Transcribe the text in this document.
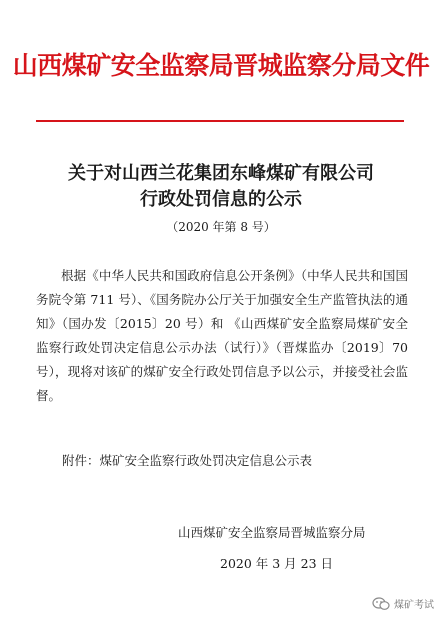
山西煤矿安全监察局晋城监察分局文件
关于对山西兰花集团东峰煤矿有限公司
行政处罚信息的公示
（2020 年第 8 号）
根据《中华人民共和国政府信息公开条例》（中华人民共和国国务院令第 711 号）、《国务院办公厅关于加强安全生产监管执法的通知》（国办发〔2015〕20 号）和 《山西煤矿安全监察局煤矿安全监察行政处罚决定信息公示办法（试行）》（晋煤监办〔2019〕70 号），现将对该矿的煤矿安全行政处罚信息予以公示，并接受社会监督。
附件：煤矿安全监察行政处罚决定信息公示表
山西煤矿安全监察局晋城监察分局
2020 年 3 月 23 日
煤矿考试
